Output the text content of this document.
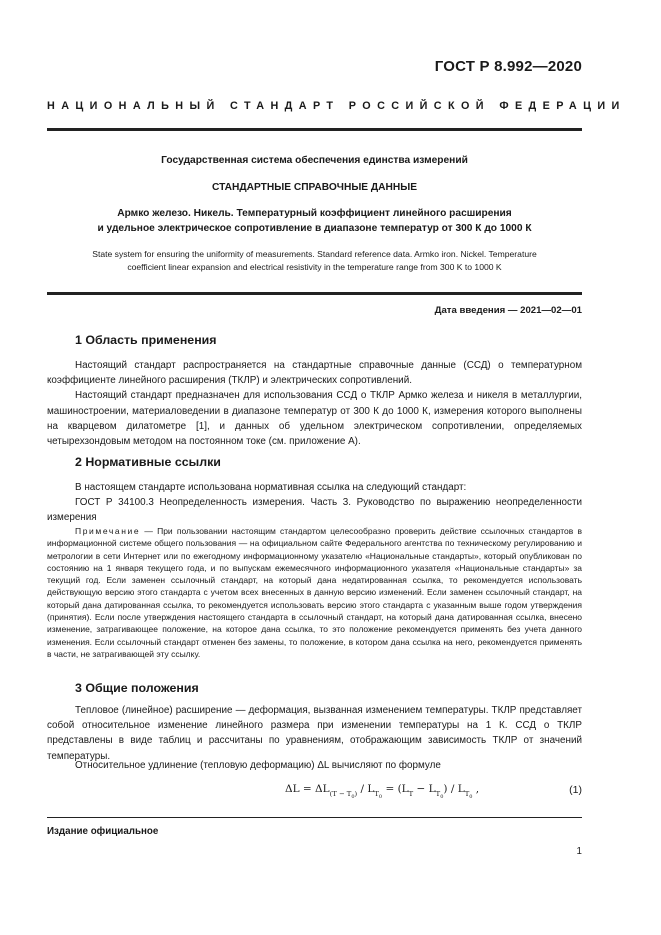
ГОСТ Р 8.992—2020
НАЦИОНАЛЬНЫЙ СТАНДАРТ РОССИЙСКОЙ ФЕДЕРАЦИИ
Государственная система обеспечения единства измерений
СТАНДАРТНЫЕ СПРАВОЧНЫЕ ДАННЫЕ
Армко железо. Никель. Температурный коэффициент линейного расширения
и удельное электрическое сопротивление в диапазоне температур от 300 К до 1000 К
State system for ensuring the uniformity of measurements. Standard reference data. Armko iron. Nickel. Temperature
coefficient linear expansion and electrical resistivity in the temperature range from 300 K to 1000 K
Дата введения — 2021—02—01
1 Область применения

Настоящий стандарт распространяется на стандартные справочные данные (ССД) о температурном коэффициенте линейного расширения (ТКЛР) и электрических сопротивлений.

Настоящий стандарт предназначен для использования ССД о ТКЛР Армко железа и никеля в металлургии, машиностроении, материаловедении в диапазоне температур от 300 К до 1000 К, измерения которого выполнены на кварцевом дилатометре [1], и данных об удельном электрическом сопротивлении, определяемых четырехзондовым методом на постоянном токе (см. приложение А).

2 Нормативные ссылки

В настоящем стандарте использована нормативная ссылка на следующий стандарт:

ГОСТ Р 34100.3 Неопределенность измерения. Часть 3. Руководство по выражению неопределенности измерения

Примечание — При пользовании настоящим стандартом целесообразно проверить действие ссылочных стандартов в информационной системе общего пользования — на официальном сайте Федерального агентства по техническому регулированию и метрологии в сети Интернет или по ежегодному информационному указателю «Национальные стандарты», который опубликован по состоянию на 1 января текущего года, и по выпускам ежемесячного информационного указателя «Национальные стандарты» за текущий год. Если заменен ссылочный стандарт, на который дана недатированная ссылка, то рекомендуется использовать действующую версию этого стандарта с учетом всех внесенных в данную версию изменений. Если заменен ссылочный стандарт, на который дана датированная ссылка, то рекомендуется использовать версию этого стандарта с указанным выше годом утверждения (принятия). Если после утверждения настоящего стандарта в ссылочный стандарт, на который дана датированная ссылка, внесено изменение, затрагивающее положение, на которое дана ссылка, то это положение рекомендуется применять без учета данного изменения. Если ссылочный стандарт отменен без замены, то положение, в котором дана ссылка на него, рекомендуется применять в части, не затрагивающей эту ссылку.

3 Общие положения

Тепловое (линейное) расширение — деформация, вызванная изменением температуры. ТКЛР представляет собой относительное изменение линейного размера при изменении температуры на 1 К. ССД о ТКЛР представлены в виде таблиц и рассчитаны по уравнениям, отображающим зависимость ТКЛР от значений температуры.

Относительное удлинение (тепловую деформацию) ΔL вычисляют по формуле

$\Delta L = \Delta L_{(T - T_0)} / L_{T_0} = (L_T - L_{T_0}) / L_{T_0}$ ,	(1)
Издание официальное
1
